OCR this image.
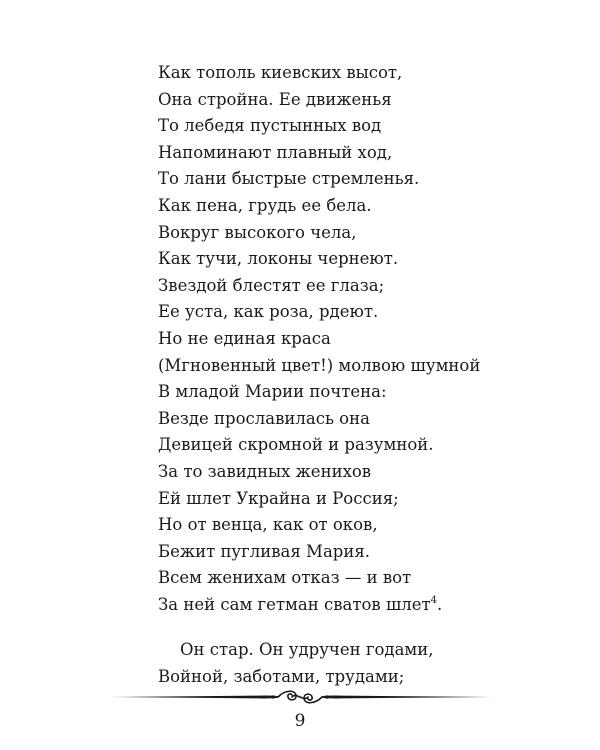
Как тополь киевских высот,
Она стройна. Ее движенья
То лебедя пустынных вод
Напоминают плавный ход,
То лани быстрые стремленья.
Как пена, грудь ее бела.
Вокруг высокого чела,
Как тучи, локоны чернеют.
Звездой блестят ее глаза;
Ее уста, как роза, рдеют.
Но не единая краса
(Мгновенный цвет!) молвою шумной
В младой Марии почтена:
Везде прославилась она
Девицей скромной и разумной.
За то завидных женихов
Ей шлет Украйна и Россия;
Но от венца, как от оков,
Бежит пугливая Мария.
Всем женихам отказ — и вот
За ней сам гетман сватов шлет$^4$.
Он стар. Он удручен годами,
Войной, заботами, трудами;
9
